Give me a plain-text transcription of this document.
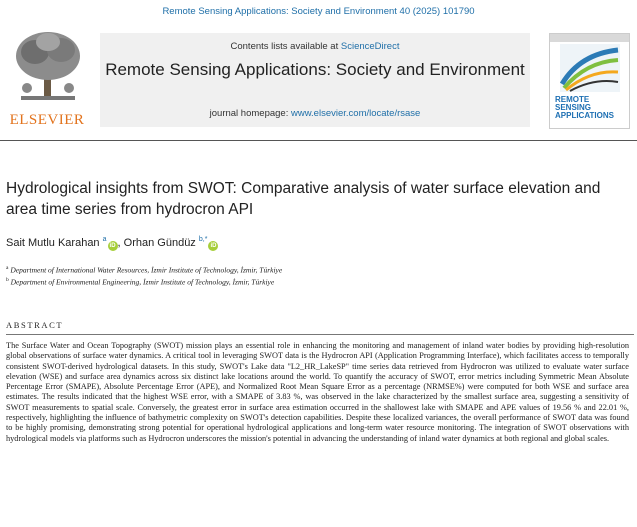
Remote Sensing Applications: Society and Environment 40 (2025) 101790
ELSEVIER
Contents lists available at ScienceDirect
Remote Sensing Applications: Society and Environment
journal homepage: www.elsevier.com/locate/rsase
REMOTE
SENSING
APPLICATIONS
Hydrological insights from SWOT: Comparative analysis of water surface elevation and area time series from hydrocron API
Sait Mutlu Karahan $^a$iD , Orhan Gündüz $^{b,*}$iD
$^a$ Department of International Water Resources, İzmir Institute of Technology, İzmir, Türkiye
$^b$ Department of Environmental Engineering, İzmir Institute of Technology, İzmir, Türkiye
ABSTRACT
The Surface Water and Ocean Topography (SWOT) mission plays an essential role in enhancing the monitoring and management of inland water bodies by providing high-resolution global observations of surface water dynamics. A critical tool in leveraging SWOT data is the Hydrocron API (Application Programming Interface), which facilitates access to temporally consistent SWOT-derived hydrological datasets. In this study, SWOT's Lake data "L2_HR_LakeSP" time series data retrieved from Hydrocron was utilized to evaluate water surface elevation (WSE) and surface area dynamics across six distinct lake locations around the world. To quantify the accuracy of SWOT, error metrics including Symmetric Mean Absolute Percentage Error (SMAPE), Absolute Percentage Error (APE), and Normalized Root Mean Square Error as a percentage (NRMSE%) were computed for both WSE and surface area estimates. The results indicated that the highest WSE error, with a SMAPE of 3.83 %, was observed in the lake characterized by the smallest surface area, suggesting a sensitivity of SWOT measurements to spatial scale. Conversely, the greatest error in surface area estimation occurred in the shallowest lake with SMAPE and APE values of 19.56 % and 22.01 %, respectively, highlighting the influence of bathymetric complexity on SWOT's detection capabilities. Despite these localized variances, the overall performance of SWOT data was found to be highly promising, demonstrating strong potential for operational hydrological applications and long-term water resource monitoring. The integration of SWOT observations with hydrological models via platforms such as Hydrocron underscores the mission's potential in advancing the understanding of inland water dynamics at both regional and global scales.
